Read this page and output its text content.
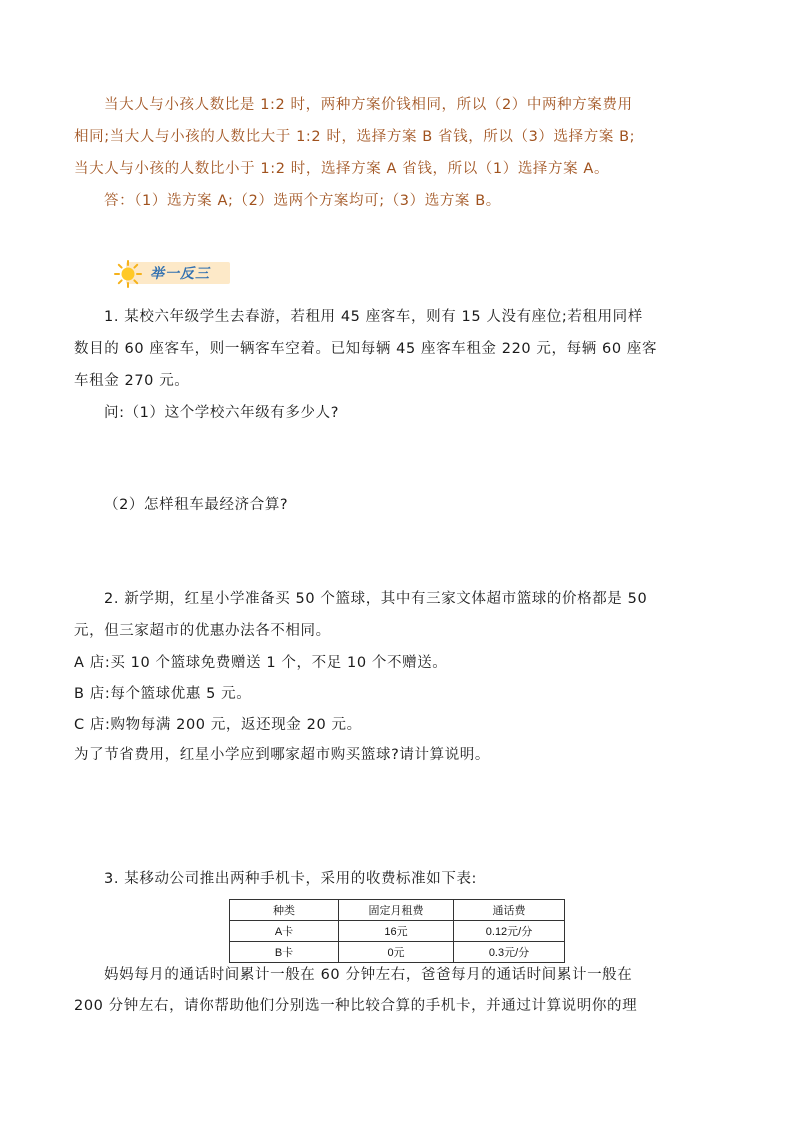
当大人与小孩人数比是 1:2 时，两种方案价钱相同，所以（2）中两种方案费用
相同;当大人与小孩的人数比大于 1:2 时，选择方案 B 省钱，所以（3）选择方案 B;
当大人与小孩的人数比小于 1:2 时，选择方案 A 省钱，所以（1）选择方案 A。
答：（1）选方案 A;（2）选两个方案均可;（3）选方案 B。
举一反三
1. 某校六年级学生去春游，若租用 45 座客车，则有 15 人没有座位;若租用同样
数目的 60 座客车，则一辆客车空着。已知每辆 45 座客车租金 220 元，每辆 60 座客
车租金 270 元。
问:（1）这个学校六年级有多少人?
（2）怎样租车最经济合算?
2. 新学期，红星小学准备买 50 个篮球，其中有三家文体超市篮球的价格都是 50
元，但三家超市的优惠办法各不相同。
A 店:买 10 个篮球免费赠送 1 个，不足 10 个不赠送。
B 店:每个篮球优惠 5 元。
C 店:购物每满 200 元，返还现金 20 元。
为了节省费用，红星小学应到哪家超市购买篮球?请计算说明。
3. 某移动公司推出两种手机卡，采用的收费标准如下表:
种类	固定月租费	通话费
A卡	16元	0.12元/分
B卡	0元	0.3元/分
妈妈每月的通话时间累计一般在 60 分钟左右，爸爸每月的通话时间累计一般在
200 分钟左右，请你帮助他们分别选一种比较合算的手机卡，并通过计算说明你的理
